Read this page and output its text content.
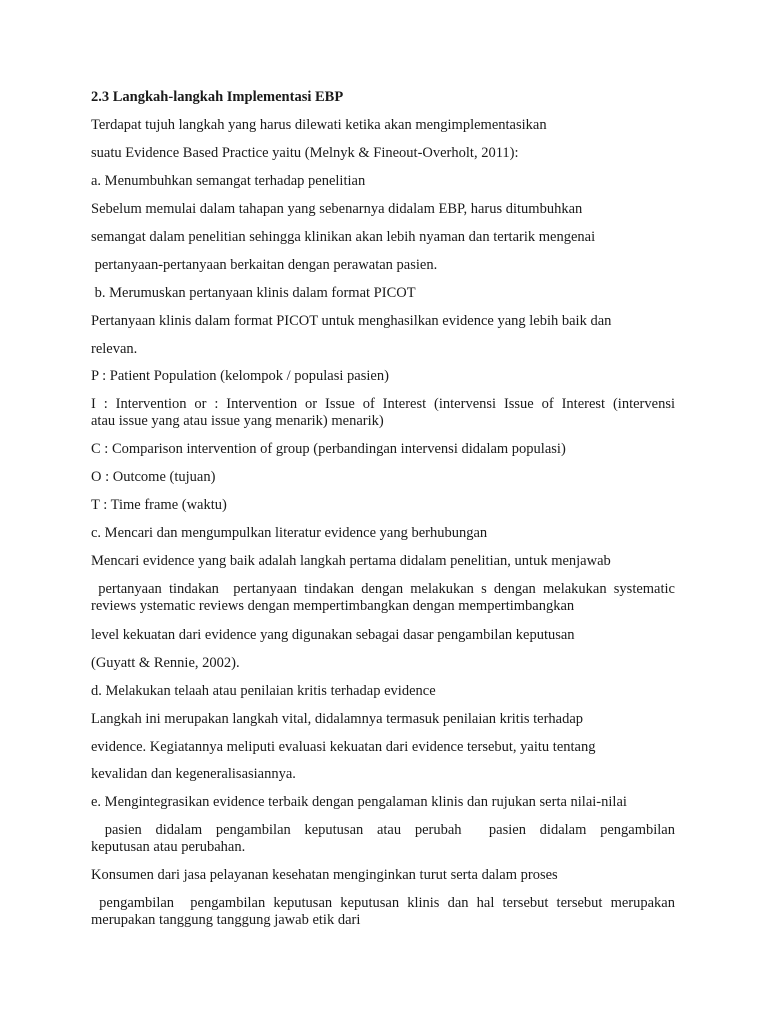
2.3 Langkah-langkah Implementasi EBP
Terdapat tujuh langkah yang harus dilewati ketika akan mengimplementasikan
suatu Evidence Based Practice yaitu (Melnyk & Fineout-Overholt, 2011):
a. Menumbuhkan semangat terhadap penelitian
Sebelum memulai dalam tahapan yang sebenarnya didalam EBP, harus ditumbuhkan
semangat dalam penelitian sehingga klinikan akan lebih nyaman dan tertarik mengenai
pertanyaan-pertanyaan berkaitan dengan perawatan pasien.
b. Merumuskan pertanyaan klinis dalam format PICOT
Pertanyaan klinis dalam format PICOT untuk menghasilkan evidence yang lebih baik dan
relevan.
P : Patient Population (kelompok / populasi pasien)
I : Intervention or : Intervention or Issue of Interest (intervensi Issue of Interest (intervensi
atau issue yang atau issue yang menarik) menarik)
C : Comparison intervention of group (perbandingan intervensi didalam populasi)
O : Outcome (tujuan)
T : Time frame (waktu)
c. Mencari dan mengumpulkan literatur evidence yang berhubungan
Mencari evidence yang baik adalah langkah pertama didalam penelitian, untuk menjawab
pertanyaan tindakan  pertanyaan tindakan dengan melakukan s dengan melakukan systematic
reviews ystematic reviews dengan mempertimbangkan dengan mempertimbangkan
level kekuatan dari evidence yang digunakan sebagai dasar pengambilan keputusan
(Guyatt & Rennie, 2002).
d. Melakukan telaah atau penilaian kritis terhadap evidence
Langkah ini merupakan langkah vital, didalamnya termasuk penilaian kritis terhadap
evidence. Kegiatannya meliputi evaluasi kekuatan dari evidence tersebut, yaitu tentang
kevalidan dan kegeneralisasiannya.
e. Mengintegrasikan evidence terbaik dengan pengalaman klinis dan rujukan serta nilai-nilai
pasien didalam pengambilan keputusan atau perubah  pasien didalam pengambilan
keputusan atau perubahan.
Konsumen dari jasa pelayanan kesehatan menginginkan turut serta dalam proses
pengambilan  pengambilan keputusan keputusan klinis dan hal tersebut tersebut merupakan
merupakan tanggung tanggung jawab etik dari
